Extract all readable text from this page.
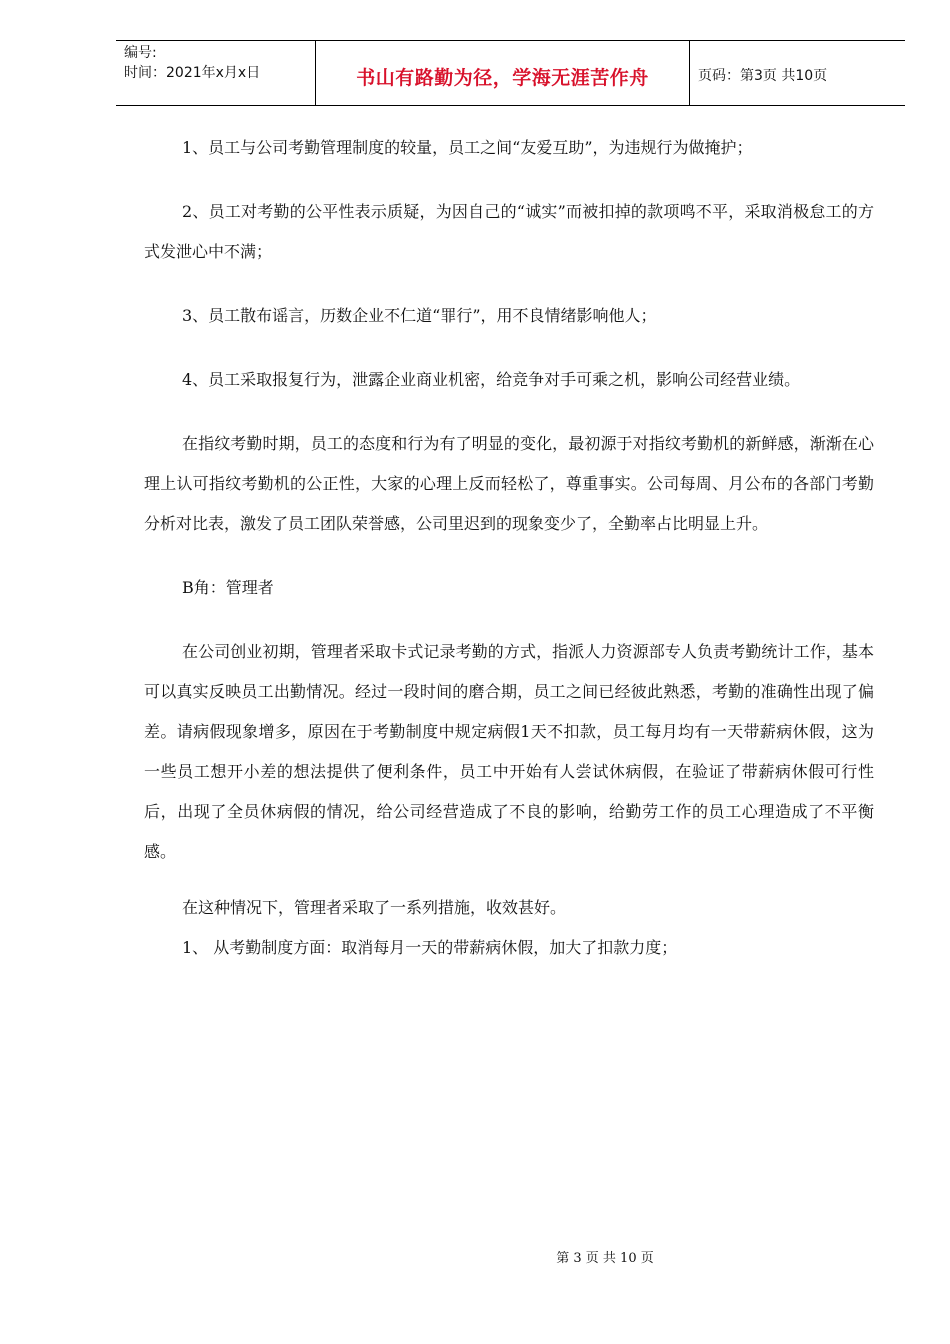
编号:
时间：2021年x月x日	书山有路勤为径，学海无涯苦作舟	页码：第3页 共10页

1、员工与公司考勤管理制度的较量，员工之间“友爱互助”，为违规行为做掩护；

2、员工对考勤的公平性表示质疑，为因自己的“诚实”而被扣掉的款项鸣不平，采取消极怠工的方式发泄心中不满；

3、员工散布谣言，历数企业不仁道“罪行”，用不良情绪影响他人；

4、员工采取报复行为，泄露企业商业机密，给竞争对手可乘之机，影响公司经营业绩。

在指纹考勤时期，员工的态度和行为有了明显的变化，最初源于对指纹考勤机的新鲜感，渐渐在心理上认可指纹考勤机的公正性，大家的心理上反而轻松了，尊重事实。公司每周、月公布的各部门考勤分析对比表，激发了员工团队荣誉感，公司里迟到的现象变少了，全勤率占比明显上升。

B角：管理者

在公司创业初期，管理者采取卡式记录考勤的方式，指派人力资源部专人负责考勤统计工作，基本可以真实反映员工出勤情况。经过一段时间的磨合期，员工之间已经彼此熟悉，考勤的准确性出现了偏差。请病假现象增多，原因在于考勤制度中规定病假1天不扣款，员工每月均有一天带薪病休假，这为一些员工想开小差的想法提供了便利条件，员工中开始有人尝试休病假，在验证了带薪病休假可行性后，出现了全员休病假的情况，给公司经营造成了不良的影响，给勤劳工作的员工心理造成了不平衡感。

在这种情况下，管理者采取了一系列措施，收效甚好。

1、 从考勤制度方面：取消每月一天的带薪病休假，加大了扣款力度；

第 3 页 共 10 页
